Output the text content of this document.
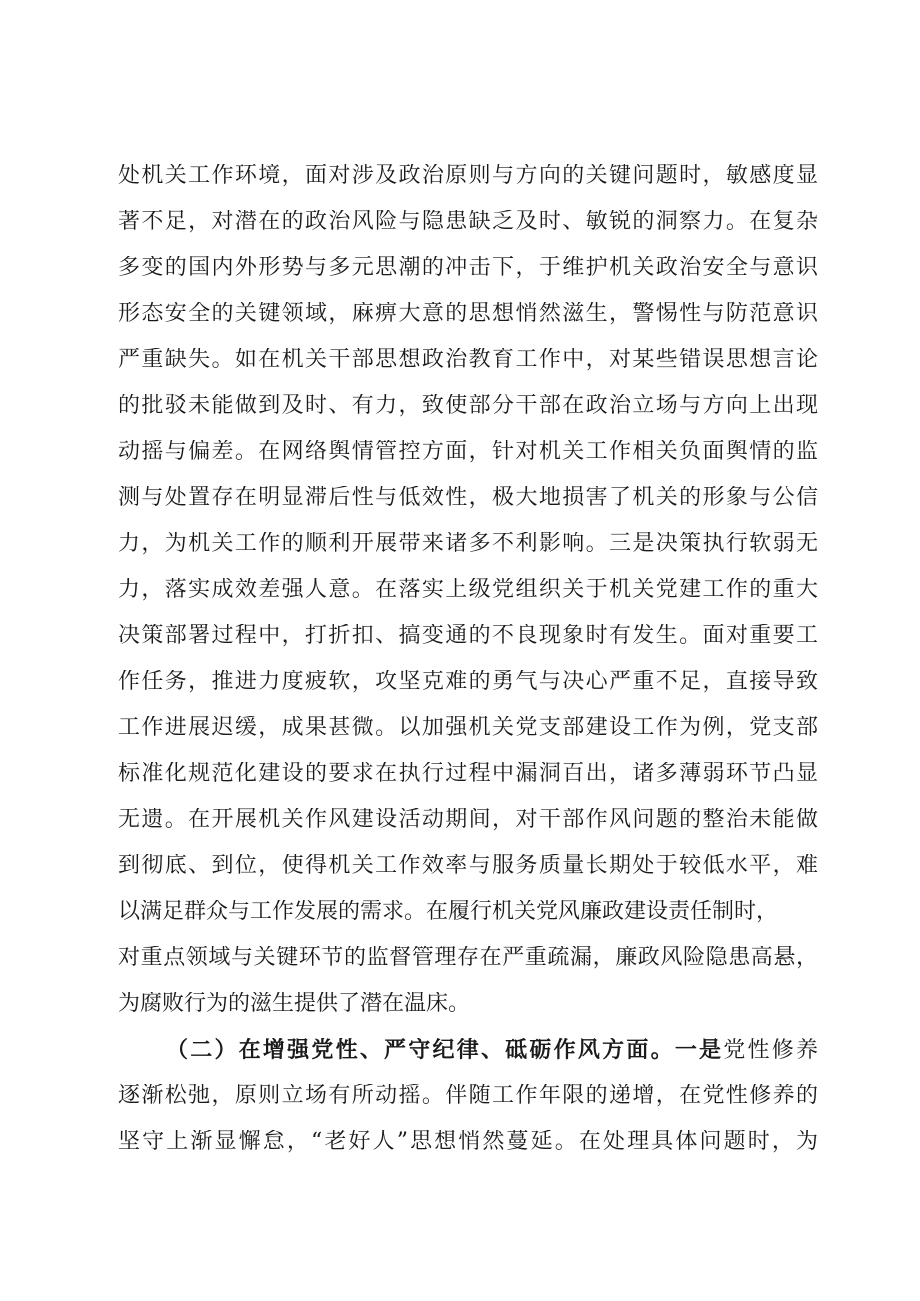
处机关工作环境，面对涉及政治原则与方向的关键问题时，敏感度显
著不足，对潜在的政治风险与隐患缺乏及时、敏锐的洞察力。在复杂
多变的国内外形势与多元思潮的冲击下，于维护机关政治安全与意识
形态安全的关键领域，麻痹大意的思想悄然滋生，警惕性与防范意识
严重缺失。如在机关干部思想政治教育工作中，对某些错误思想言论
的批驳未能做到及时、有力，致使部分干部在政治立场与方向上出现
动摇与偏差。在网络舆情管控方面，针对机关工作相关负面舆情的监
测与处置存在明显滞后性与低效性，极大地损害了机关的形象与公信
力，为机关工作的顺利开展带来诸多不利影响。三是决策执行软弱无
力，落实成效差强人意。在落实上级党组织关于机关党建工作的重大
决策部署过程中，打折扣、搞变通的不良现象时有发生。面对重要工
作任务，推进力度疲软，攻坚克难的勇气与决心严重不足，直接导致
工作进展迟缓，成果甚微。以加强机关党支部建设工作为例，党支部
标准化规范化建设的要求在执行过程中漏洞百出，诸多薄弱环节凸显
无遗。在开展机关作风建设活动期间，对干部作风问题的整治未能做
到彻底、到位，使得机关工作效率与服务质量长期处于较低水平，难
以满足群众与工作发展的需求。在履行机关党风廉政建设责任制时，
对重点领域与关键环节的监督管理存在严重疏漏，廉政风险隐患高悬，
为腐败行为的滋生提供了潜在温床。
（二）在增强党性、严守纪律、砥砺作风方面。一是党性修养
逐渐松弛，原则立场有所动摇。伴随工作年限的递增，在党性修养的
坚守上渐显懈怠，“老好人”思想悄然蔓延。在处理具体问题时，为
